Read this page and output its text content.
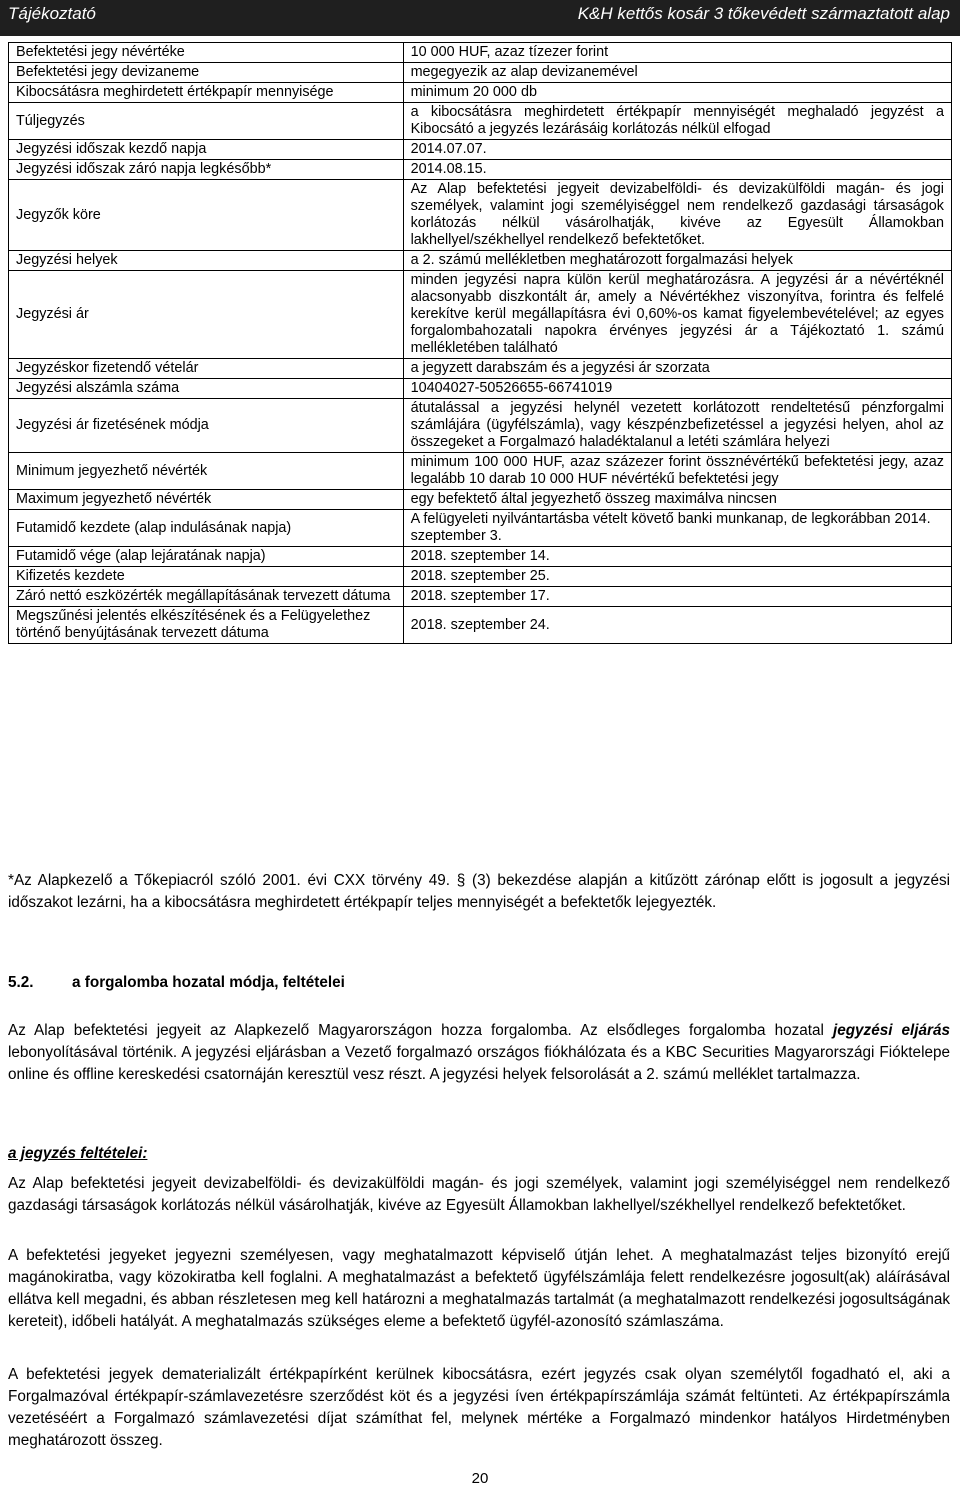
Tájékoztató	K&H kettős kosár 3 tőkevédett származtatott alap
Befektetési jegy névértéke	10 000 HUF, azaz tízezer forint
Befektetési jegy devizaneme	megegyezik az alap devizanemével
Kibocsátásra meghirdetett értékpapír mennyisége	minimum 20 000 db
Túljegyzés	a kibocsátásra meghirdetett értékpapír mennyiségét meghaladó jegyzést a Kibocsátó a jegyzés lezárásáig korlátozás nélkül elfogad
Jegyzési időszak kezdő napja	2014.07.07.
Jegyzési időszak záró napja legkésőbb*	2014.08.15.
Jegyzők köre	Az Alap befektetési jegyeit devizabelföldi- és devizakülföldi magán- és jogi személyek, valamint jogi személyiséggel nem rendelkező gazdasági társaságok korlátozás nélkül vásárolhatják, kivéve az Egyesült Államokban lakhellyel/székhellyel rendelkező befektetőket.
Jegyzési helyek	a 2. számú mellékletben meghatározott forgalmazási helyek
Jegyzési ár	minden jegyzési napra külön kerül meghatározásra. A jegyzési ár a névértéknél alacsonyabb diszkontált ár, amely a Névértékhez viszonyítva, forintra és felfelé kerekítve kerül megállapításra évi 0,60%-os kamat figyelembevételével; az egyes forgalombahozatali napokra érvényes jegyzési ár a Tájékoztató 1. számú mellékletében található
Jegyzéskor fizetendő vételár	a jegyzett darabszám és a jegyzési ár szorzata
Jegyzési alszámla száma	10404027-50526655-66741019
Jegyzési ár fizetésének módja	átutalással a jegyzési helynél vezetett korlátozott rendeltetésű pénzforgalmi számlájára (ügyfélszámla), vagy készpénzbefizetéssel a jegyzési helyen, ahol az összegeket a Forgalmazó haladéktalanul a letéti számlára helyezi
Minimum jegyezhető névérték	minimum 100 000 HUF, azaz százezer forint össznévértékű befektetési jegy, azaz legalább 10 darab 10 000 HUF névértékű befektetési jegy
Maximum jegyezhető névérték	egy befektető által jegyezhető összeg maximálva nincsen
Futamidő kezdete (alap indulásának napja)	A felügyeleti nyilvántartásba vételt követő banki munkanap, de legkorábban 2014. szeptember 3.
Futamidő vége (alap lejáratának napja)	2018. szeptember 14.
Kifizetés kezdete	2018. szeptember 25.
Záró nettó eszközérték megállapításának tervezett dátuma	2018. szeptember 17.
Megszűnési jelentés elkészítésének és a Felügyelethez történő benyújtásának tervezett dátuma	2018. szeptember 24.

*Az Alapkezelő a Tőkepiacról szóló 2001. évi CXX törvény 49. § (3) bekezdése alapján a kitűzött zárónap előtt is jogosult a jegyzési időszakot lezárni, ha a kibocsátásra meghirdetett értékpapír teljes mennyiségét a befektetők lejegyezték.

5.2.	a forgalomba hozatal módja, feltételei

Az Alap befektetési jegyeit az Alapkezelő Magyarországon hozza forgalomba. Az elsődleges forgalomba hozatal jegyzési eljárás lebonyolításával történik. A jegyzési eljárásban a Vezető forgalmazó országos fiókhálózata és a KBC Securities Magyarországi Fióktelepe online és offline kereskedési csatornáján keresztül vesz részt. A jegyzési helyek felsorolását a 2. számú melléklet tartalmazza.

a jegyzés feltételei:

Az Alap befektetési jegyeit devizabelföldi- és devizakülföldi magán- és jogi személyek, valamint jogi személyiséggel nem rendelkező gazdasági társaságok korlátozás nélkül vásárolhatják, kivéve az Egyesült Államokban lakhellyel/székhellyel rendelkező befektetőket.

A befektetési jegyeket jegyezni személyesen, vagy meghatalmazott képviselő útján lehet. A meghatalmazást teljes bizonyító erejű magánokiratba, vagy közokiratba kell foglalni. A meghatalmazást a befektető ügyfélszámlája felett rendelkezésre jogosult(ak) aláírásával ellátva kell megadni, és abban részletesen meg kell határozni a meghatalmazás tartalmát (a meghatalmazott rendelkezési jogosultságának kereteit), időbeli hatályát. A meghatalmazás szükséges eleme a befektető ügyfél-azonosító számlaszáma.

A befektetési jegyek dematerializált értékpapírként kerülnek kibocsátásra, ezért jegyzés csak olyan személytől fogadható el, aki a Forgalmazóval értékpapír-számlavezetésre szerződést köt és a jegyzési íven értékpapírszámlája számát feltünteti. Az értékpapírszámla vezetéséért a Forgalmazó számlavezetési díjat számíthat fel, melynek mértéke a Forgalmazó mindenkor hatályos Hirdetményben meghatározott összeg.

20
